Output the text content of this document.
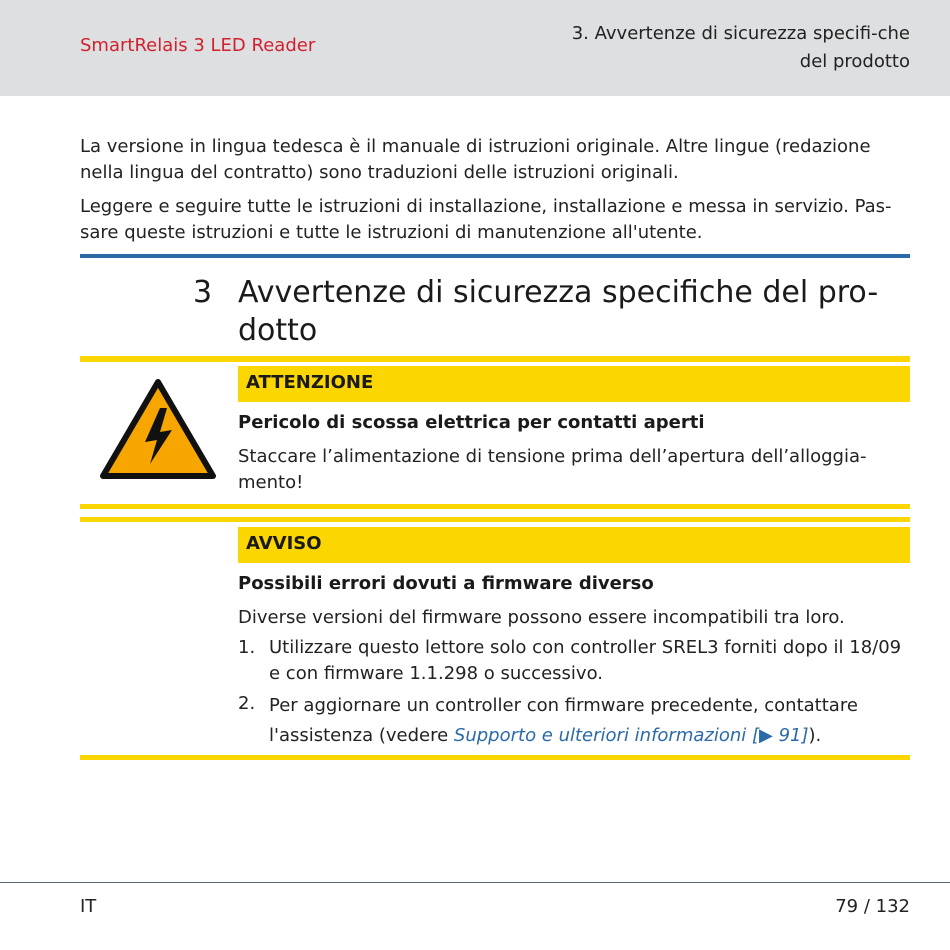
SmartRelais 3 LED Reader
3. Avvertenze di sicurezza specifi-che del prodotto
La versione in lingua tedesca è il manuale di istruzioni originale. Altre lingue (redazione nella lingua del contratto) sono traduzioni delle istruzioni originali.
Leggere e seguire tutte le istruzioni di installazione, installazione e messa in servizio. Pas-sare queste istruzioni e tutte le istruzioni di manutenzione all'utente.
3 Avvertenze di sicurezza specifiche del pro-dotto
ATTENZIONE
Pericolo di scossa elettrica per contatti aperti
Staccare l’alimentazione di tensione prima dell’apertura dell’alloggia-mento!
AVVISO
Possibili errori dovuti a firmware diverso
Diverse versioni del firmware possono essere incompatibili tra loro.
1. Utilizzare questo lettore solo con controller SREL3 forniti dopo il 18/09 e con firmware 1.1.298 o successivo.
2. Per aggiornare un controller con firmware precedente, contattare l'assistenza (vedere Supporto e ulteriori informazioni [▶ 91]).
IT	79 / 132
